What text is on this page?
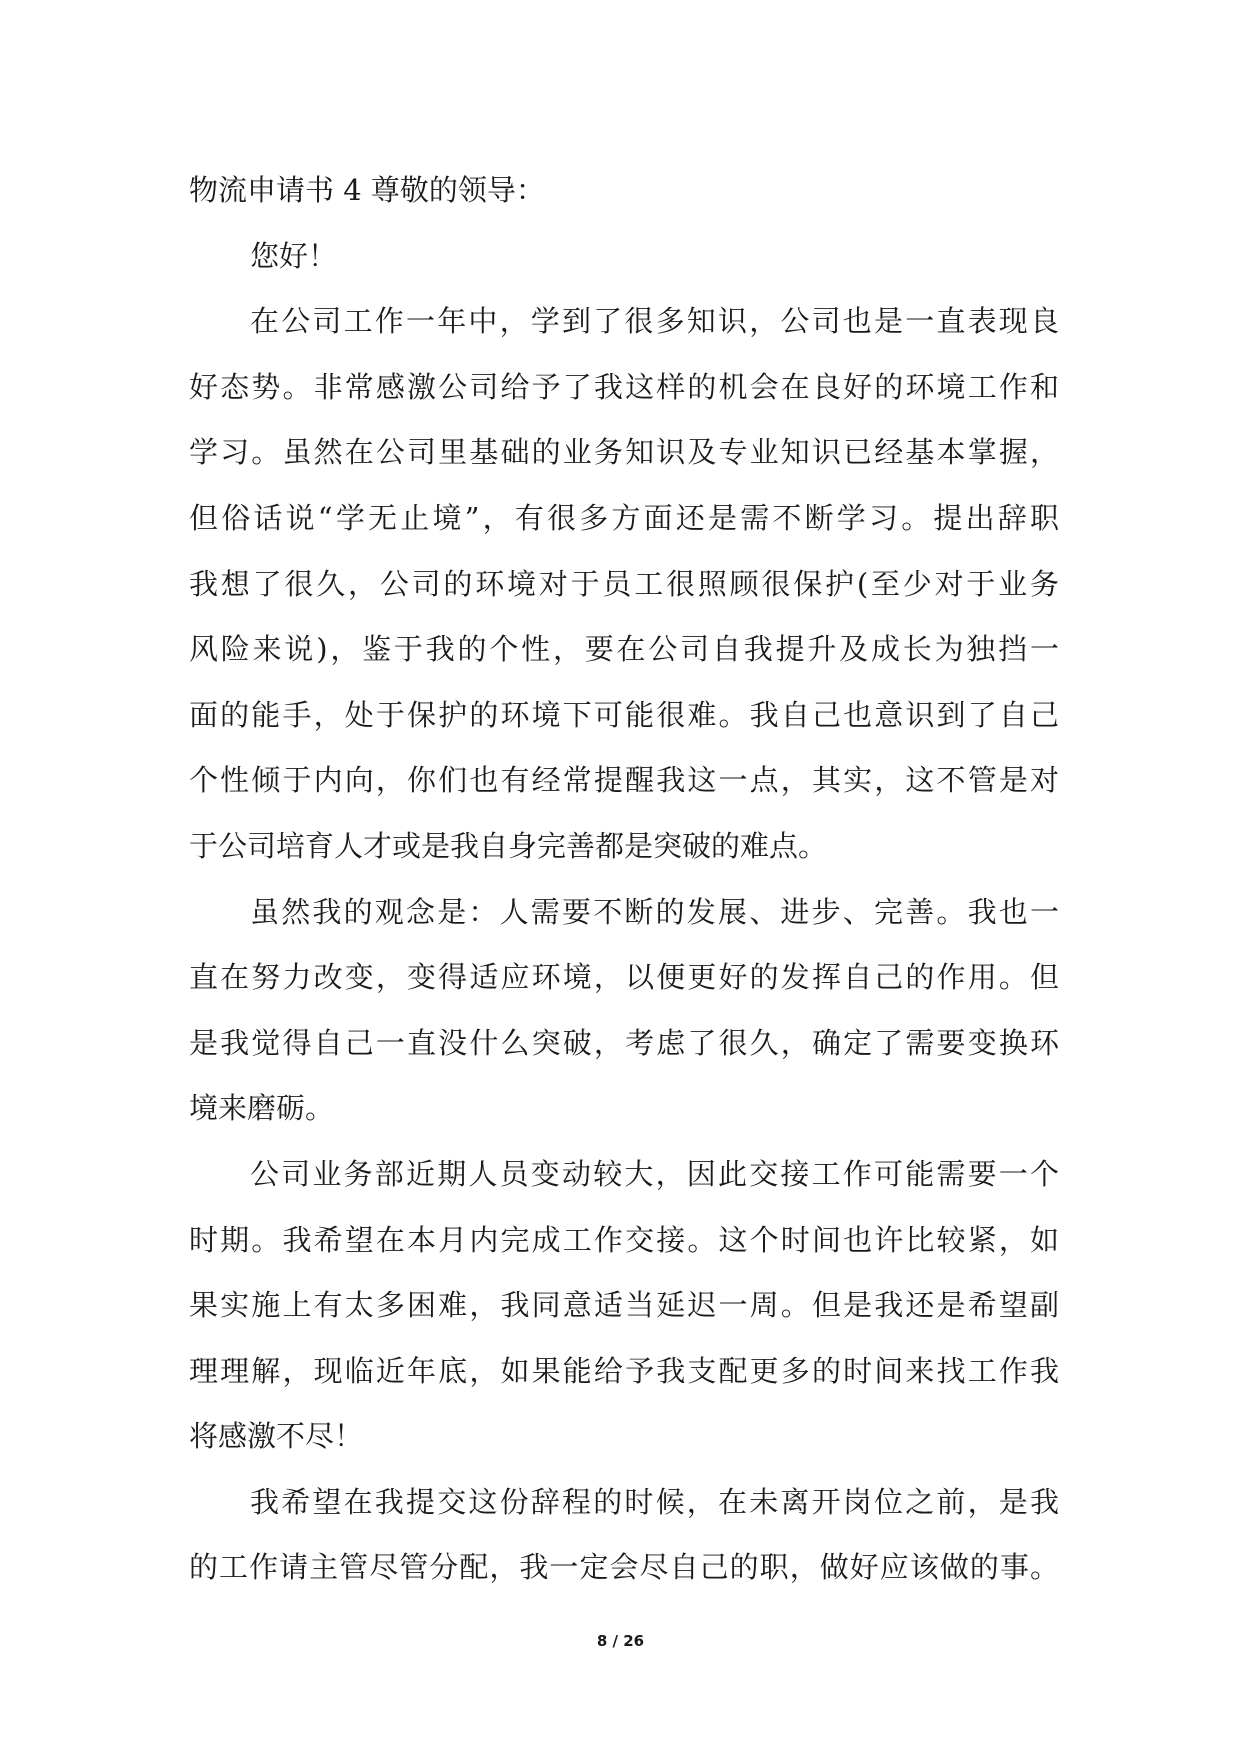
物流申请书 4 尊敬的领导：
您好！
在公司工作一年中，学到了很多知识，公司也是一直表现良
好态势。非常感激公司给予了我这样的机会在良好的环境工作和
学习。虽然在公司里基础的业务知识及专业知识已经基本掌握，
但俗话说“学无止境”，有很多方面还是需不断学习。提出辞职
我想了很久，公司的环境对于员工很照顾很保护(至少对于业务
风险来说)，鉴于我的个性，要在公司自我提升及成长为独挡一
面的能手，处于保护的环境下可能很难。我自己也意识到了自己
个性倾于内向，你们也有经常提醒我这一点，其实，这不管是对
于公司培育人才或是我自身完善都是突破的难点。
虽然我的观念是：人需要不断的发展、进步、完善。我也一
直在努力改变，变得适应环境，以便更好的发挥自己的作用。但
是我觉得自己一直没什么突破，考虑了很久，确定了需要变换环
境来磨砺。
公司业务部近期人员变动较大，因此交接工作可能需要一个
时期。我希望在本月内完成工作交接。这个时间也许比较紧，如
果实施上有太多困难，我同意适当延迟一周。但是我还是希望副
理理解，现临近年底，如果能给予我支配更多的时间来找工作我
将感激不尽！
我希望在我提交这份辞程的时候，在未离开岗位之前，是我
的工作请主管尽管分配，我一定会尽自己的职，做好应该做的事。
8 / 26
